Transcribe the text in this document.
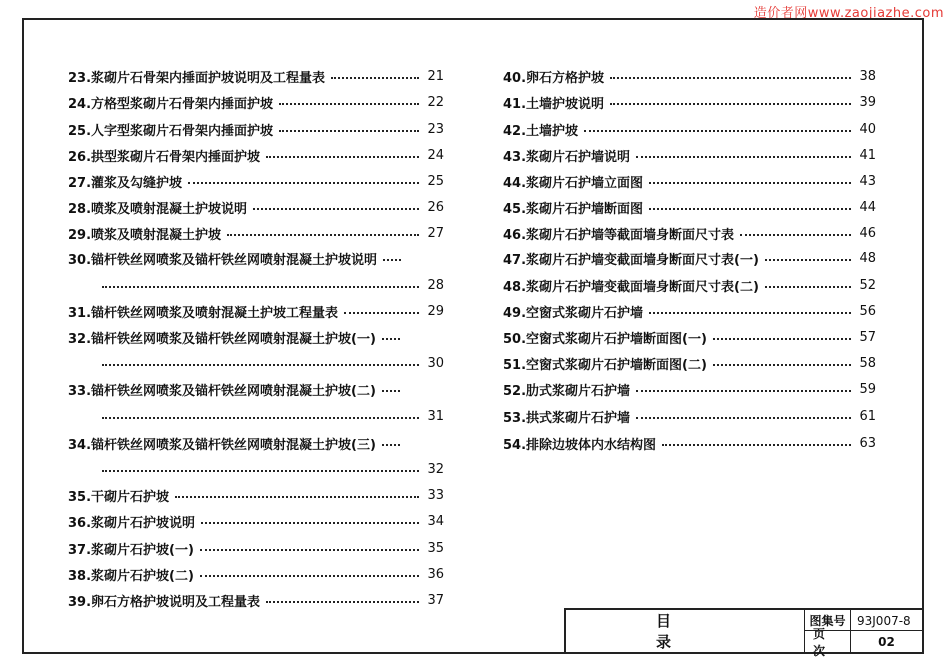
造价者网www.zaojiazhe.com
23.浆砌片石骨架内捶面护坡说明及工程量表	21
24.方格型浆砌片石骨架内捶面护坡	22
25.人字型浆砌片石骨架内捶面护坡	23
26.拱型浆砌片石骨架内捶面护坡	24
27.灌浆及勾缝护坡	25
28.喷浆及喷射混凝土护坡说明	26
29.喷浆及喷射混凝土护坡	27
30.锚杆铁丝网喷浆及锚杆铁丝网喷射混凝土护坡说明
28
31.锚杆铁丝网喷浆及喷射混凝土护坡工程量表	29
32.锚杆铁丝网喷浆及锚杆铁丝网喷射混凝土护坡(一)
30
33.锚杆铁丝网喷浆及锚杆铁丝网喷射混凝土护坡(二)
31
34.锚杆铁丝网喷浆及锚杆铁丝网喷射混凝土护坡(三)
32
35.干砌片石护坡	33
36.浆砌片石护坡说明	34
37.浆砌片石护坡(一)	35
38.浆砌片石护坡(二)	36
39.卵石方格护坡说明及工程量表	37
40.卵石方格护坡	38
41.土墙护坡说明	39
42.土墙护坡	40
43.浆砌片石护墙说明	41
44.浆砌片石护墙立面图	43
45.浆砌片石护墙断面图	44
46.浆砌片石护墙等截面墙身断面尺寸表	46
47.浆砌片石护墙变截面墙身断面尺寸表(一)	48
48.浆砌片石护墙变截面墙身断面尺寸表(二)	52
49.空窗式浆砌片石护墙	56
50.空窗式浆砌片石护墙断面图(一)	57
51.空窗式浆砌片石护墙断面图(二)	58
52.肋式浆砌片石护墙	59
53.拱式浆砌片石护墙	61
54.排除边坡体内水结构图	63
目录
图集号 93J007-8
页次
02
